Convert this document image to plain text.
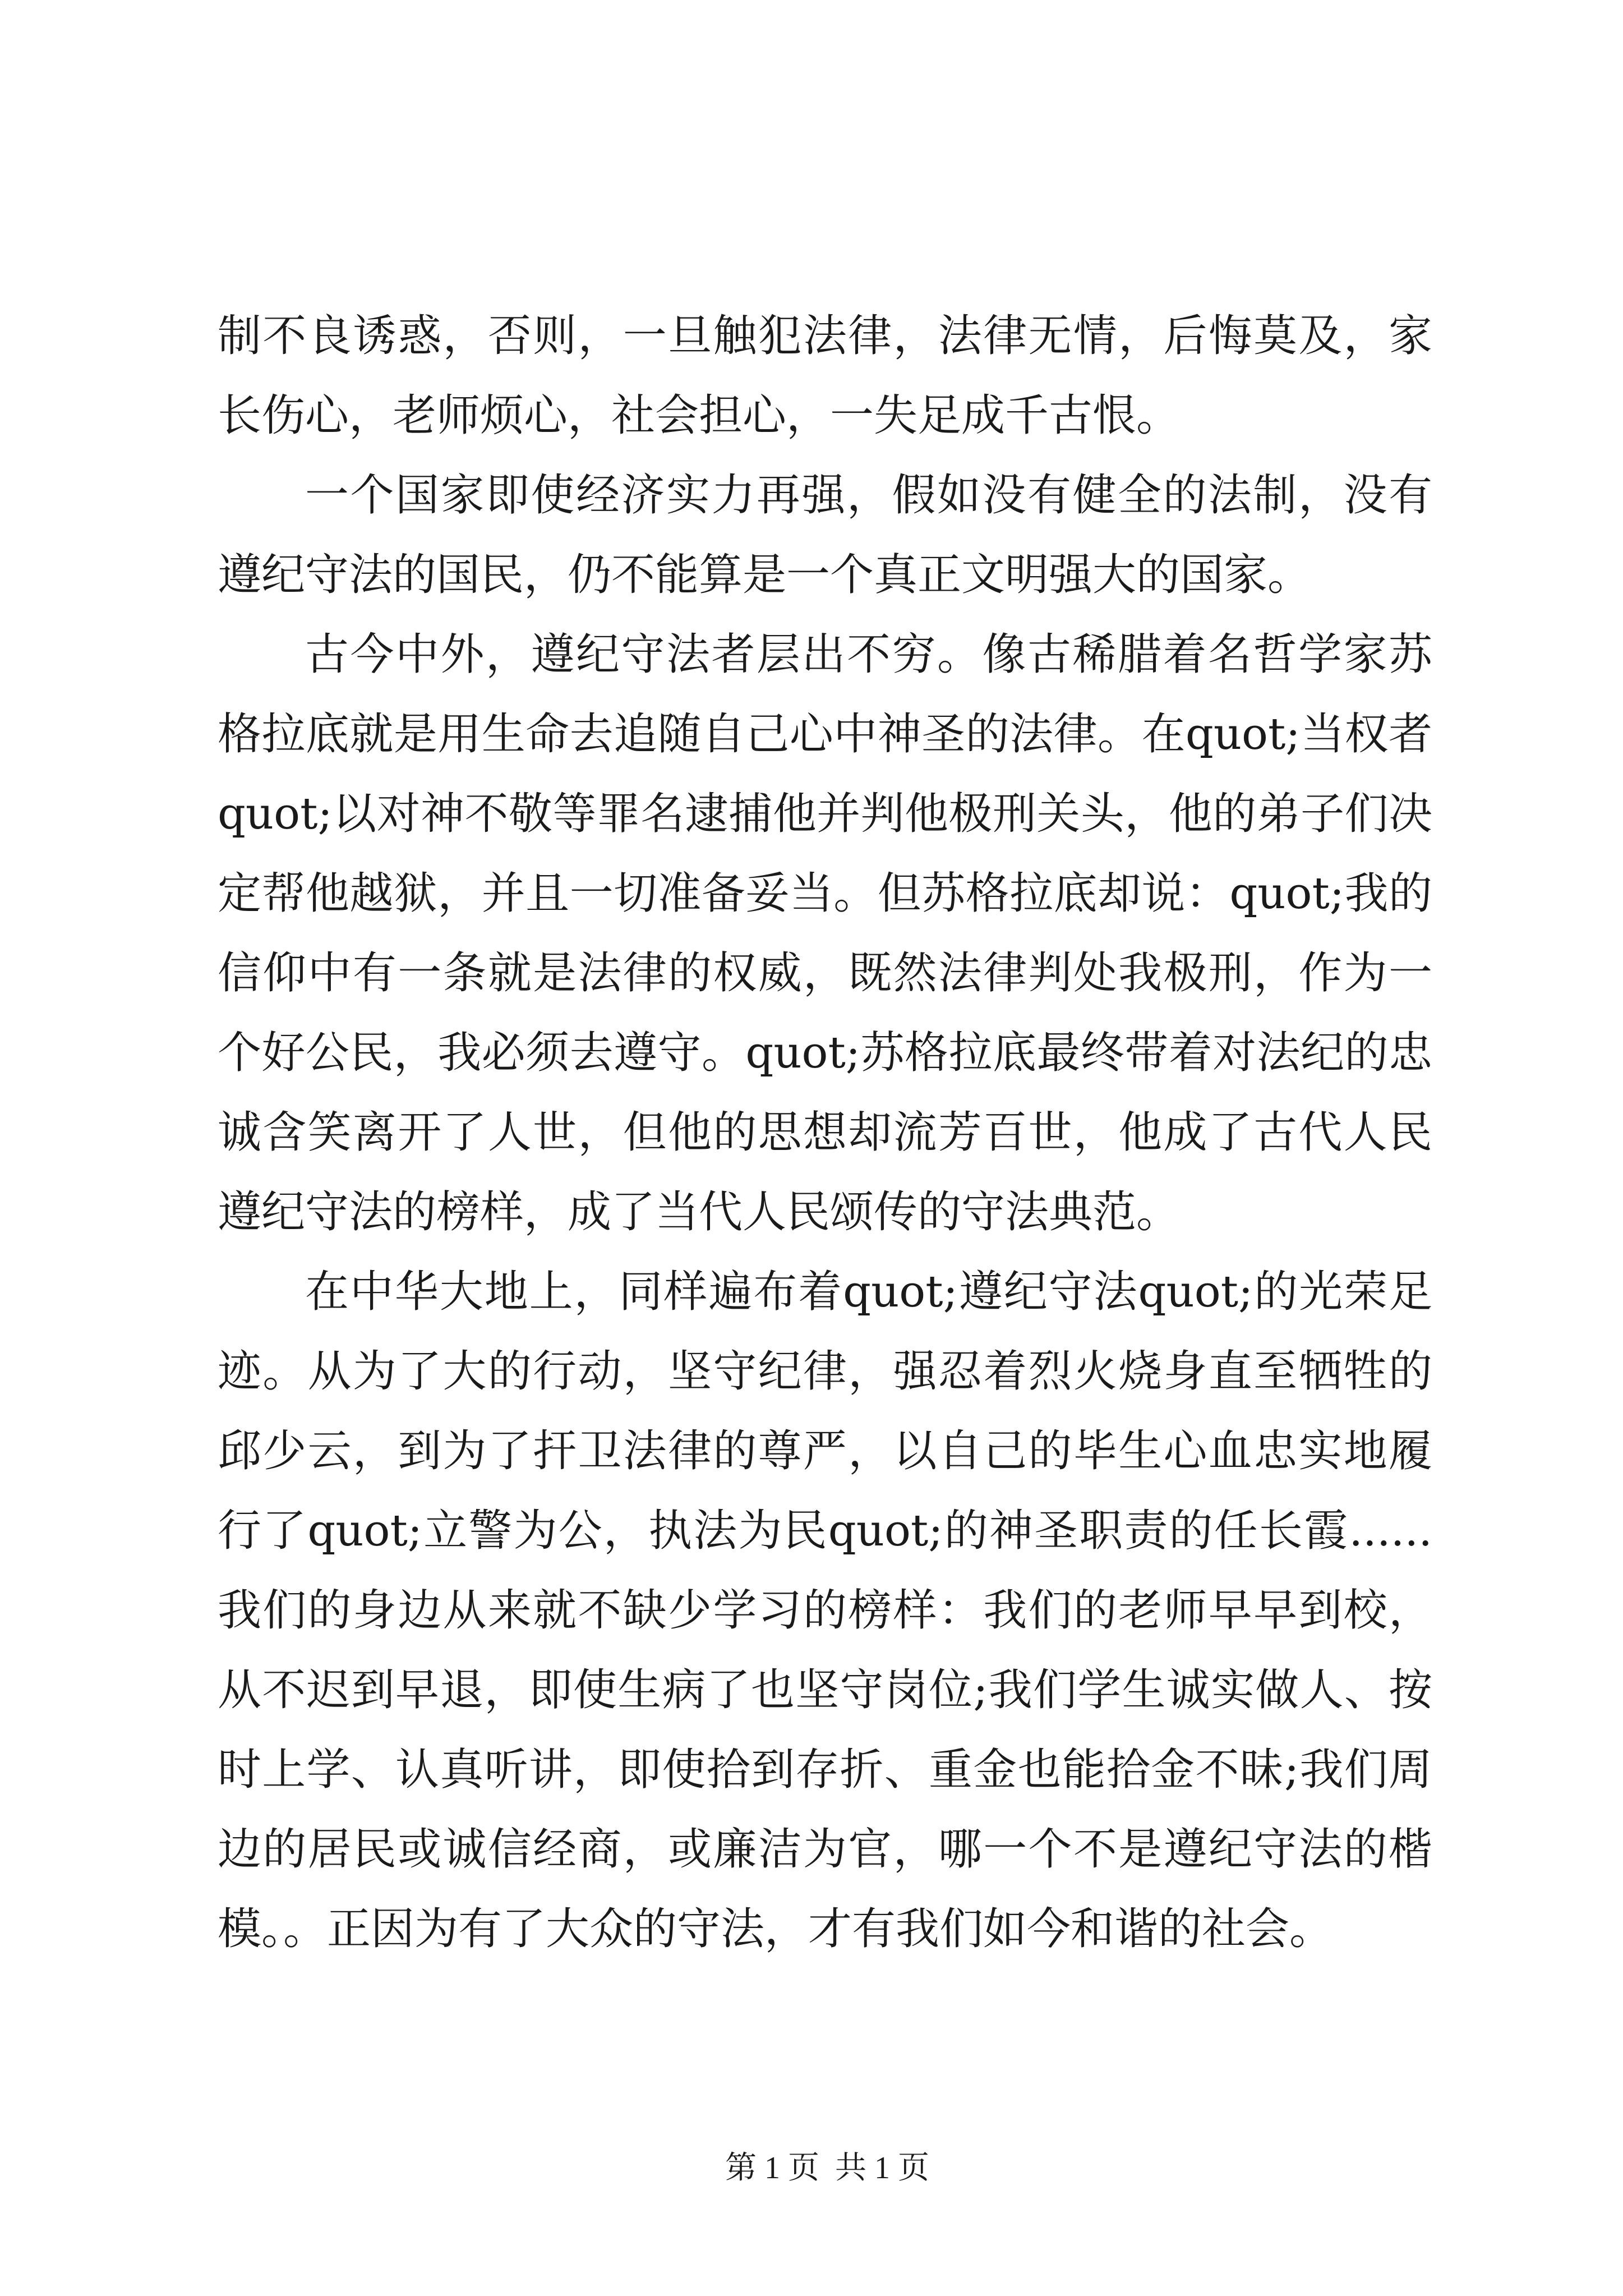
制不良诱惑，否则，一旦触犯法律，法律无情，后悔莫及，家长伤心，老师烦心，社会担心，一失足成千古恨。

一个国家即使经济实力再强，假如没有健全的法制，没有遵纪守法的国民，仍不能算是一个真正文明强大的国家。

古今中外，遵纪守法者层出不穷。像古稀腊着名哲学家苏格拉底就是用生命去追随自己心中神圣的法律。在quot;当权者quot;以对神不敬等罪名逮捕他并判他极刑关头，他的弟子们决定帮他越狱，并且一切准备妥当。但苏格拉底却说：quot;我的信仰中有一条就是法律的权威，既然法律判处我极刑，作为一个好公民，我必须去遵守。quot;苏格拉底最终带着对法纪的忠诚含笑离开了人世，但他的思想却流芳百世，他成了古代人民遵纪守法的榜样，成了当代人民颂传的守法典范。

在中华大地上，同样遍布着quot;遵纪守法quot;的光荣足迹。从为了大的行动，坚守纪律，强忍着烈火烧身直至牺牲的邱少云，到为了扞卫法律的尊严，以自己的毕生心血忠实地履行了quot;立警为公，执法为民quot;的神圣职责的任长霞......我们的身边从来就不缺少学习的榜样：我们的老师早早到校，从不迟到早退，即使生病了也坚守岗位;我们学生诚实做人、按时上学、认真听讲，即使拾到存折、重金也能拾金不昧;我们周边的居民或诚信经商，或廉洁为官，哪一个不是遵纪守法的楷模。。正因为有了大众的守法，才有我们如今和谐的社会。

第 1 页  共 1 页
